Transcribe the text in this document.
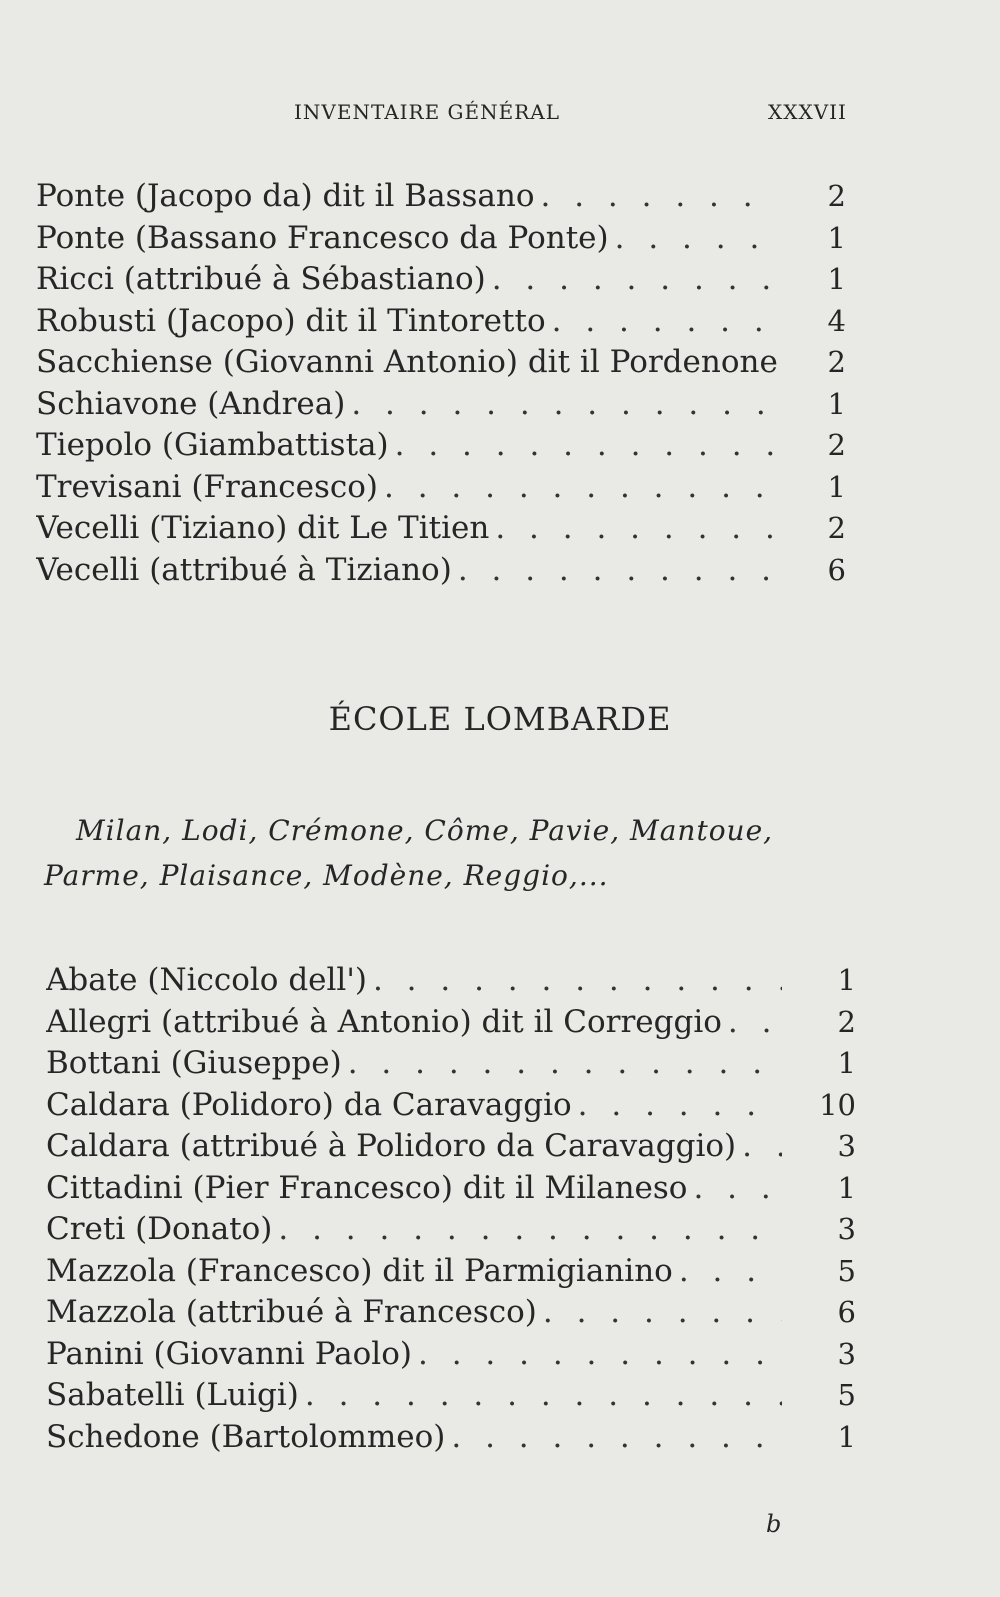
INVENTAIRE GÉNÉRAL	XXXVII
Ponte (Jacopo da) dit il Bassano . . .	2
Ponte (Bassano Francesco da Ponte) . . .	1
Ricci (attribué à Sébastiano) . . .	1
Robusti (Jacopo) dit il Tintoretto . . .	4
Sacchiense (Giovanni Antonio) dit il Pordenone	2
Schiavone (Andrea) . . .	1
Tiepolo (Giambattista) . . .	2
Trevisani (Francesco) . . .	1
Vecelli (Tiziano) dit Le Titien . . .	2
Vecelli (attribué à Tiziano) . . .	6
ÉCOLE LOMBARDE
Milan, Lodi, Crémone, Côme, Pavie, Mantoue,
Parme, Plaisance, Modène, Reggio,...
Abate (Niccolo dell') . . .	1
Allegri (attribué à Antonio) dit il Correggio . . .	2
Bottani (Giuseppe) . . .	1
Caldara (Polidoro) da Caravaggio . . .	10
Caldara (attribué à Polidoro da Caravaggio) . . .	3
Cittadini (Pier Francesco) dit il Milaneso . . .	1
Creti (Donato) . . .	3
Mazzola (Francesco) dit il Parmigianino . . .	5
Mazzola (attribué à Francesco) . . .	6
Panini (Giovanni Paolo) . . .	3
Sabatelli (Luigi) . . .	5
Schedone (Bartolommeo) . . .	1
b
